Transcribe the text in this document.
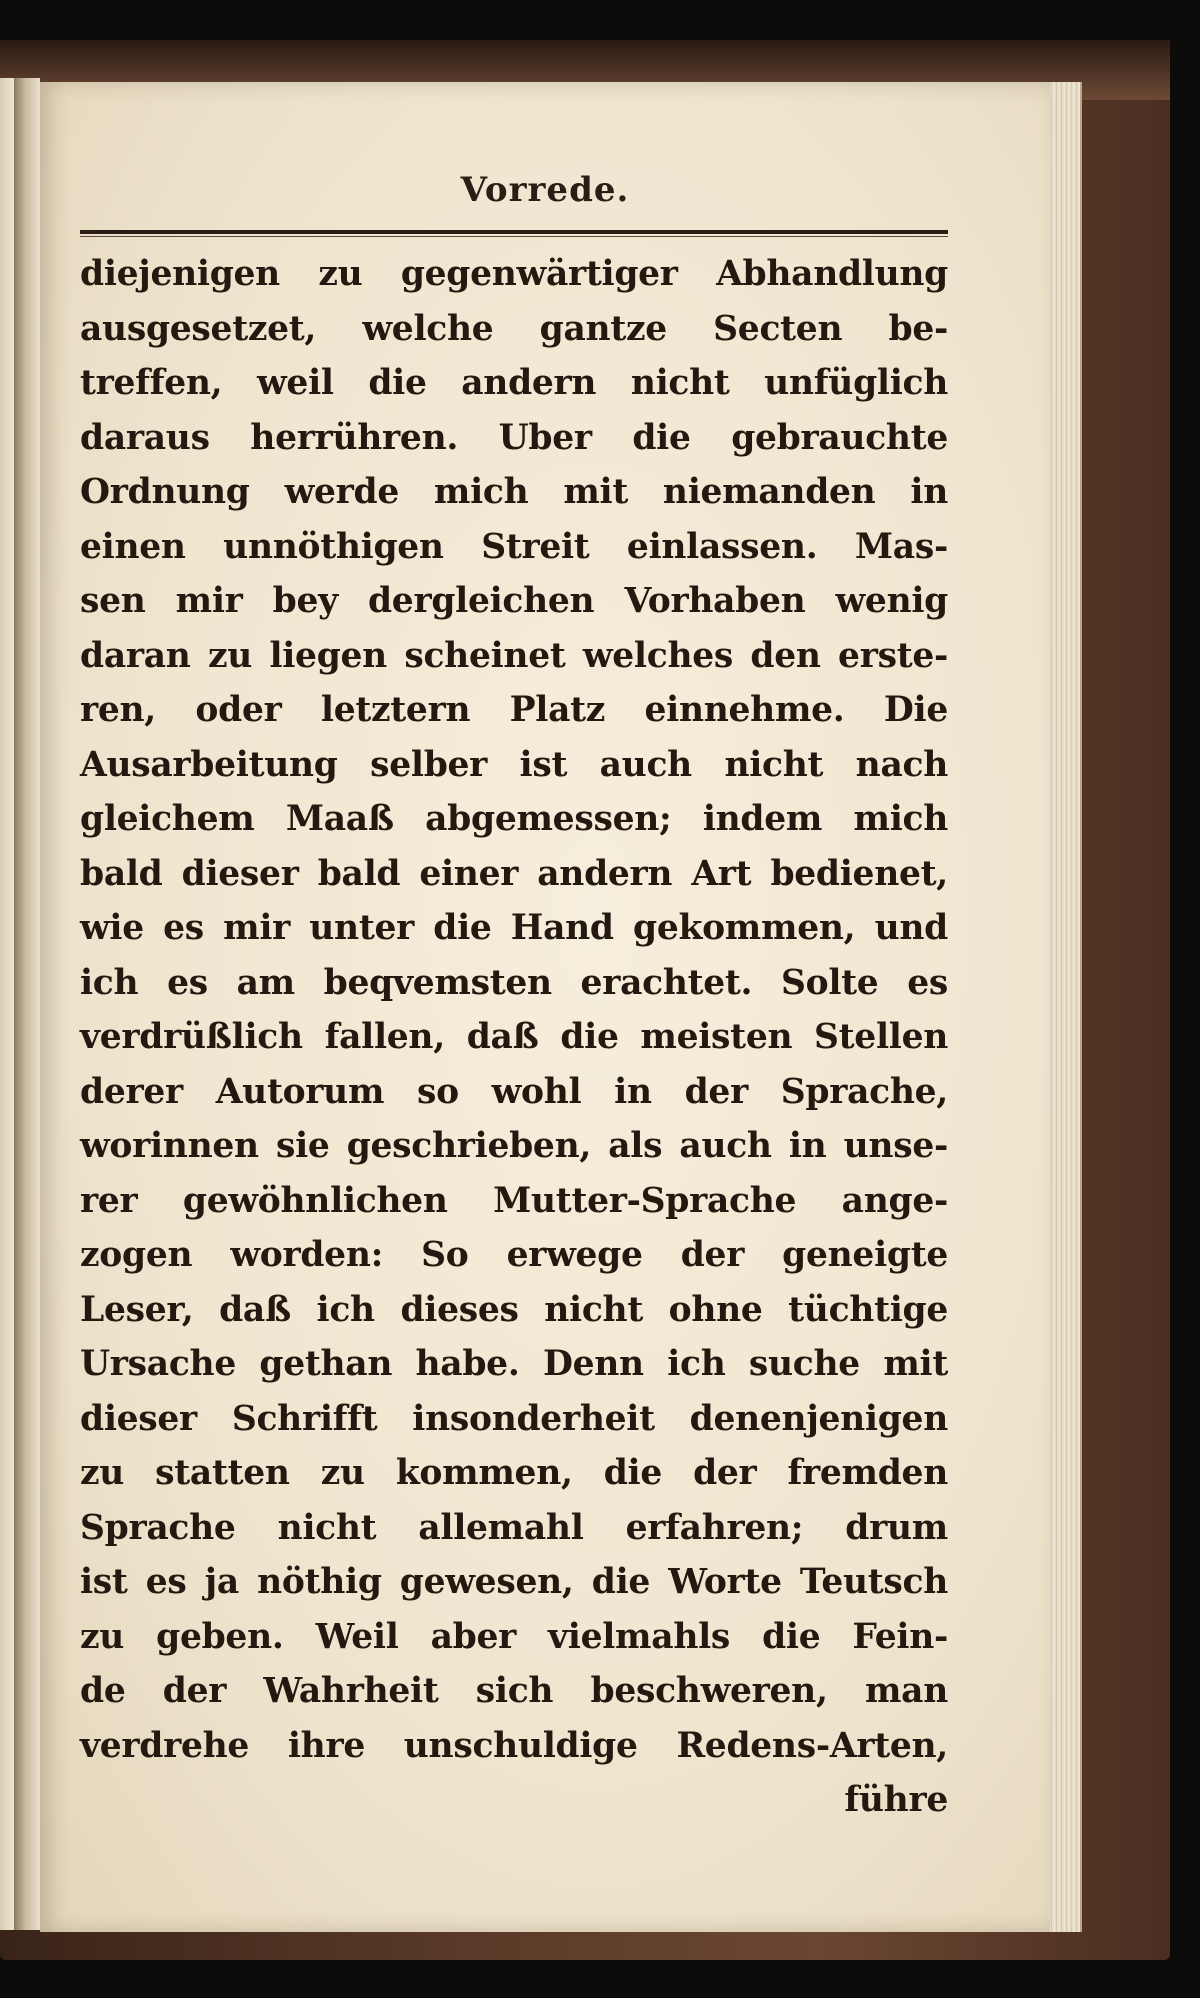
Vorrede.
diejenigen zu gegenwärtiger Abhandlung
ausgesetzet, welche gantze Secten be-
treffen, weil die andern nicht unfüglich
daraus herrühren. Uber die gebrauchte
Ordnung werde mich mit niemanden in
einen unnöthigen Streit einlassen. Mas-
sen mir bey dergleichen Vorhaben wenig
daran zu liegen scheinet welches den erste-
ren, oder letztern Platz einnehme. Die
Ausarbeitung selber ist auch nicht nach
gleichem Maaß abgemessen; indem mich
bald dieser bald einer andern Art bedienet,
wie es mir unter die Hand gekommen, und
ich es am beqvemsten erachtet. Solte es
verdrüßlich fallen, daß die meisten Stellen
derer Autorum so wohl in der Sprache,
worinnen sie geschrieben, als auch in unse-
rer gewöhnlichen Mutter-Sprache ange-
zogen worden: So erwege der geneigte
Leser, daß ich dieses nicht ohne tüchtige
Ursache gethan habe. Denn ich suche mit
dieser Schrifft insonderheit denenjenigen
zu statten zu kommen, die der fremden
Sprache nicht allemahl erfahren; drum
ist es ja nöthig gewesen, die Worte Teutsch
zu geben. Weil aber vielmahls die Fein-
de der Wahrheit sich beschweren, man
verdrehe ihre unschuldige Redens-Arten,
führe
